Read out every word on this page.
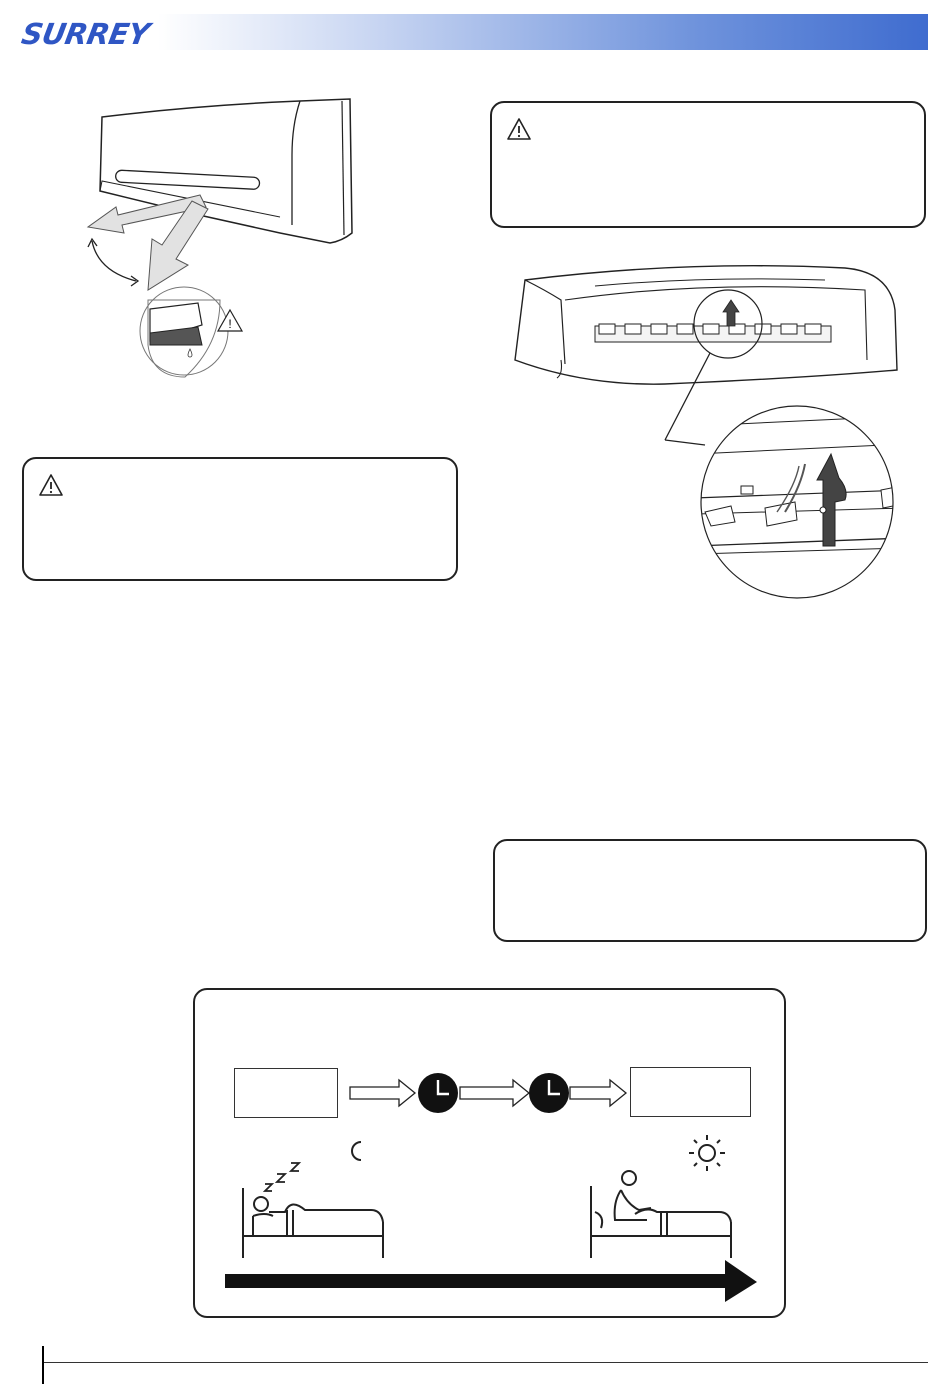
SURREY
!
